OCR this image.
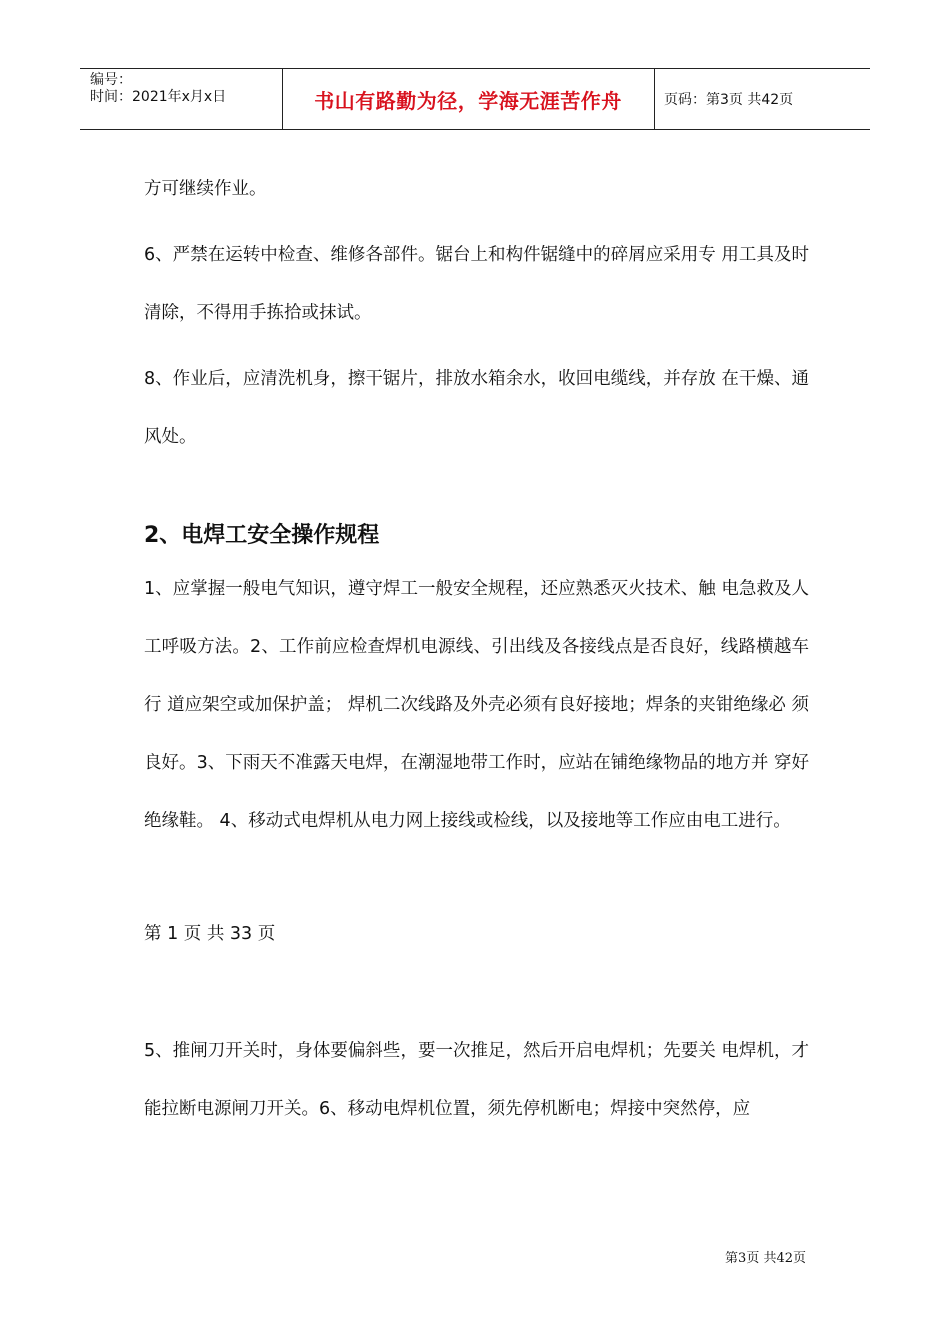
编号：
时间：2021年x月x日	书山有路勤为径，学海无涯苦作舟	页码：第3页 共42页

方可继续作业。

6、严禁在运转中检查、维修各部件。锯台上和构件锯缝中的碎屑应采用专 用工具及时清除，不得用手拣拾或抹试。

8、作业后，应清洗机身，擦干锯片，排放水箱余水，收回电缆线，并存放 在干燥、通风处。

2、电焊工安全操作规程

1、应掌握一般电气知识，遵守焊工一般安全规程，还应熟悉灭火技术、触 电急救及人工呼吸方法。2、工作前应检查焊机电源线、引出线及各接线点是否良好，线路横越车行 道应架空或加保护盖； 焊机二次线路及外壳必须有良好接地；焊条的夹钳绝缘必 须良好。3、下雨天不准露天电焊，在潮湿地带工作时，应站在铺绝缘物品的地方并 穿好绝缘鞋。 4、移动式电焊机从电力网上接线或检线，以及接地等工作应由电工进行。

第 1 页 共 33 页

5、推闸刀开关时，身体要偏斜些，要一次推足，然后开启电焊机；先要关 电焊机，才能拉断电源闸刀开关。6、移动电焊机位置，须先停机断电；焊接中突然停，应

第3页 共42页
